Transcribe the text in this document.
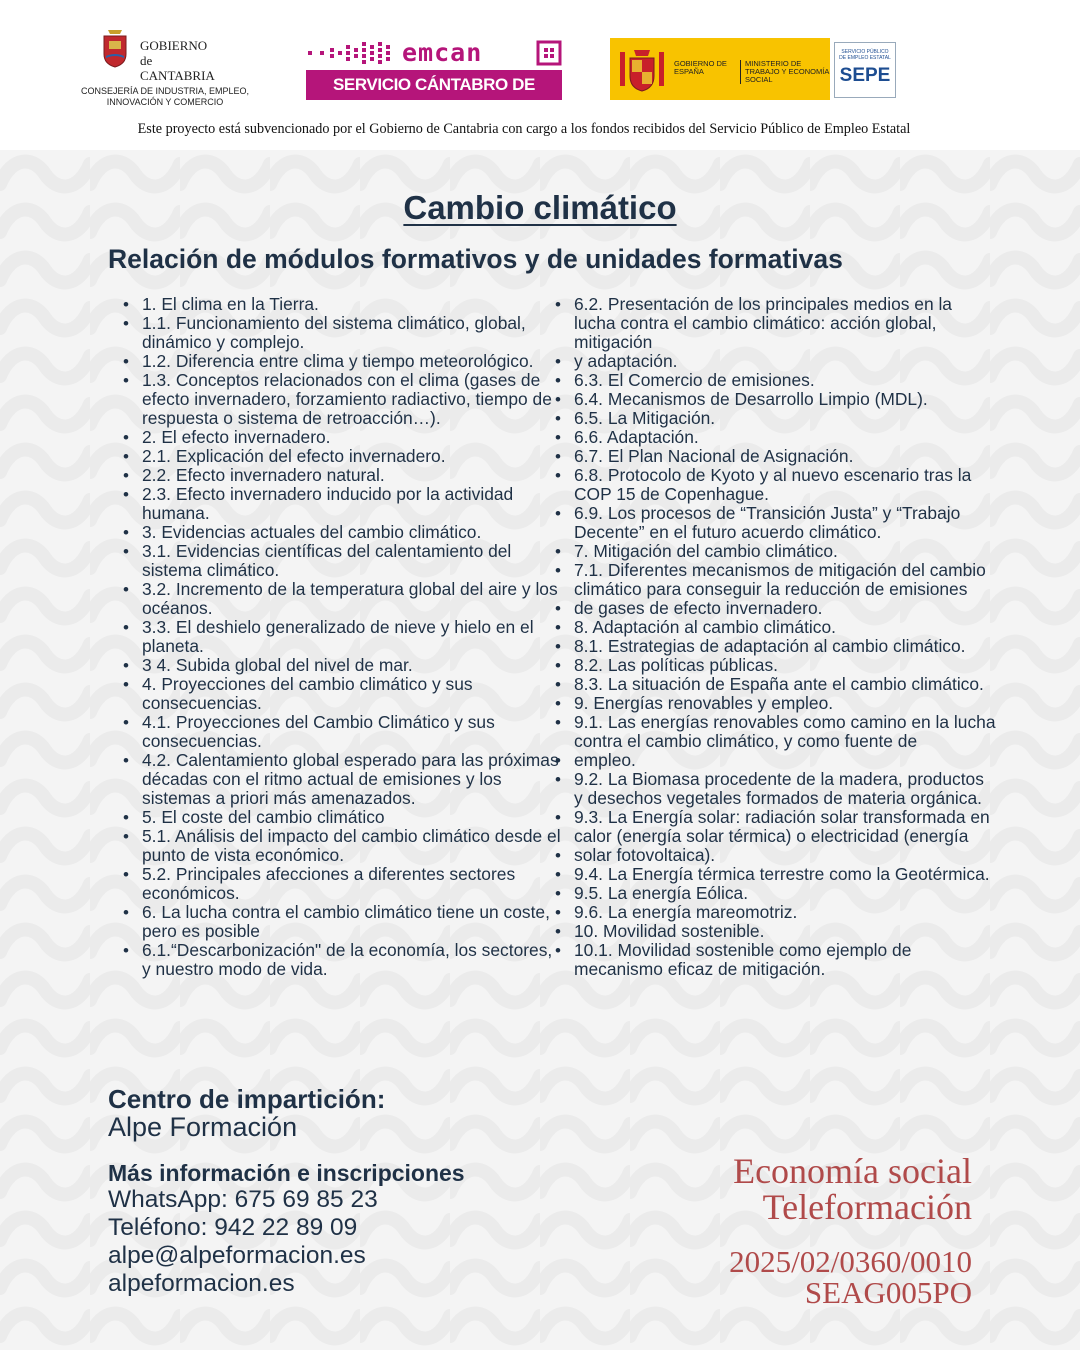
GOBIERNO
de
CANTABRIA
CONSEJERÍA DE INDUSTRIA, EMPLEO,
INNOVACIÓN Y COMERCIO
emcan
SERVICIO CÁNTABRO DE EMPLEO
GOBIERNO DE ESPAÑA
MINISTERIO DE TRABAJO Y ECONOMÍA SOCIAL
SERVICIO PÚBLICO DE EMPLEO ESTATAL
SEPE
Este proyecto está subvencionado por el Gobierno de Cantabria con cargo a los fondos recibidos del Servicio Público de Empleo Estatal
Cambio climático
Relación de módulos formativos y de unidades formativas
• 1. El clima en la Tierra.
• 1.1. Funcionamiento del sistema climático, global, dinámico y complejo.
• 1.2. Diferencia entre clima y tiempo meteorológico.
• 1.3. Conceptos relacionados con el clima (gases de efecto invernadero, forzamiento radiactivo, tiempo de respuesta o sistema de retroacción…).
• 2. El efecto invernadero.
• 2.1. Explicación del efecto invernadero.
• 2.2. Efecto invernadero natural.
• 2.3. Efecto invernadero inducido por la actividad humana.
• 3. Evidencias actuales del cambio climático.
• 3.1. Evidencias científicas del calentamiento del sistema climático.
• 3.2. Incremento de la temperatura global del aire y los océanos.
• 3.3. El deshielo generalizado de nieve y hielo en el planeta.
• 3 4. Subida global del nivel de mar.
• 4. Proyecciones del cambio climático y sus consecuencias.
• 4.1. Proyecciones del Cambio Climático y sus consecuencias.
• 4.2. Calentamiento global esperado para las próximas décadas con el ritmo actual de emisiones y los sistemas a priori más amenazados.
• 5. El coste del cambio climático
• 5.1. Análisis del impacto del cambio climático desde el punto de vista económico.
• 5.2. Principales afecciones a diferentes sectores económicos.
• 6. La lucha contra el cambio climático tiene un coste, pero es posible
• 6.1.“Descarbonización" de la economía, los sectores, y nuestro modo de vida.
• 6.2. Presentación de los principales medios en la lucha contra el cambio climático: acción global, mitigación
• y adaptación.
• 6.3. El Comercio de emisiones.
• 6.4. Mecanismos de Desarrollo Limpio (MDL).
• 6.5. La Mitigación.
• 6.6. Adaptación.
• 6.7. El Plan Nacional de Asignación.
• 6.8. Protocolo de Kyoto y al nuevo escenario tras la COP 15 de Copenhague.
• 6.9. Los procesos de “Transición Justa” y “Trabajo Decente” en el futuro acuerdo climático.
• 7. Mitigación del cambio climático.
• 7.1. Diferentes mecanismos de mitigación del cambio climático para conseguir la reducción de emisiones
• de gases de efecto invernadero.
• 8. Adaptación al cambio climático.
• 8.1. Estrategias de adaptación al cambio climático.
• 8.2. Las políticas públicas.
• 8.3. La situación de España ante el cambio climático.
• 9. Energías renovables y empleo.
• 9.1. Las energías renovables como camino en la lucha contra el cambio climático, y como fuente de
• empleo.
• 9.2. La Biomasa procedente de la madera, productos y desechos vegetales formados de materia orgánica.
• 9.3. La Energía solar: radiación solar transformada en calor (energía solar térmica) o electricidad (energía
• solar fotovoltaica).
• 9.4. La Energía térmica terrestre como la Geotérmica.
• 9.5. La energía Eólica.
• 9.6. La energía mareomotriz.
• 10. Movilidad sostenible.
• 10.1. Movilidad sostenible como ejemplo de mecanismo eficaz de mitigación.
Centro de impartición:
Alpe Formación
Más información e inscripciones
WhatsApp: 675 69 85 23
Teléfono: 942 22 89 09
alpe@alpeformacion.es
alpeformacion.es
Economía social
Teleformación
2025/02/0360/0010
SEAG005PO
